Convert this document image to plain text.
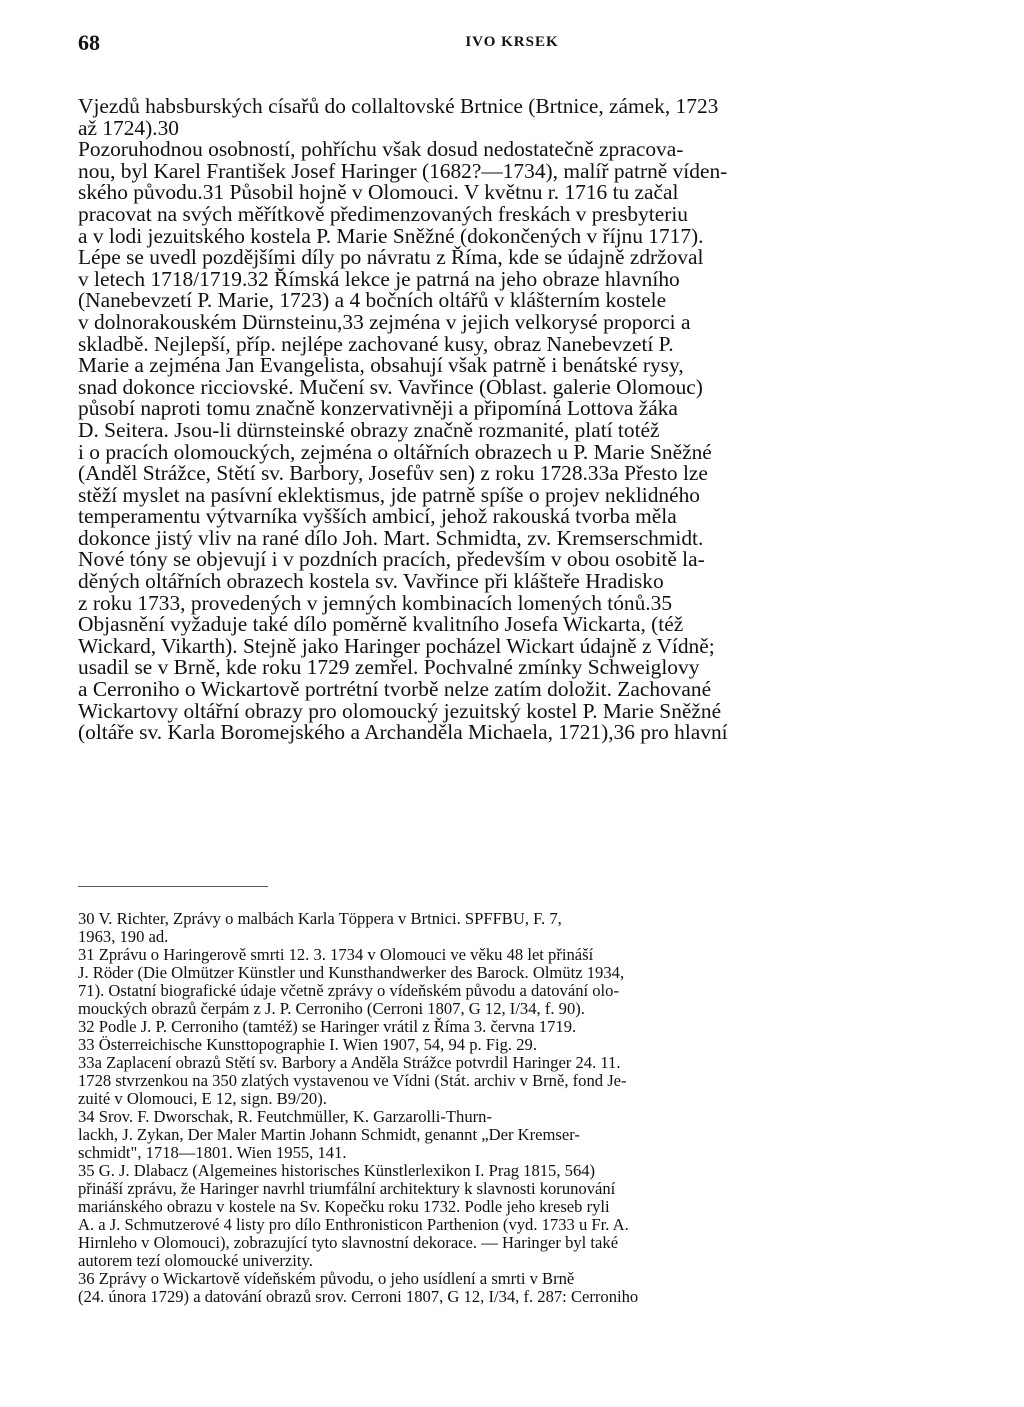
68	IVO KRSEK
Vjezdů habsburských císařů do collaltovské Brtnice (Brtnice, zámek, 1723
až 1724).30
Pozoruhodnou osobností, pohříchu však dosud nedostatečně zpracova-
nou, byl Karel František Josef Haringer (1682?—1734), malíř patrně víden-
ského původu.31 Působil hojně v Olomouci. V květnu r. 1716 tu začal
pracovat na svých měřítkově předimenzovaných freskách v presbyteriu
a v lodi jezuitského kostela P. Marie Sněžné (dokončených v říjnu 1717).
Lépe se uvedl pozdějšími díly po návratu z Říma, kde se údajně zdržoval
v letech 1718/1719.32 Římská lekce je patrná na jeho obraze hlavního
(Nanebevzetí P. Marie, 1723) a 4 bočních oltářů v klášterním kostele
v dolnorakouském Dürnsteinu,33 zejména v jejich velkorysé proporci a
skladbě. Nejlepší, příp. nejlépe zachované kusy, obraz Nanebevzetí P.
Marie a zejména Jan Evangelista, obsahují však patrně i benátské rysy,
snad dokonce ricciovské. Mučení sv. Vavřince (Oblast. galerie Olomouc)
působí naproti tomu značně konzervativněji a připomíná Lottova žáka
D. Seitera. Jsou-li dürnsteinské obrazy značně rozmanité, platí totéž
i o pracích olomouckých, zejména o oltářních obrazech u P. Marie Sněžné
(Anděl Strážce, Stětí sv. Barbory, Josefův sen) z roku 1728.33a Přesto lze
stěží myslet na pasívní eklektismus, jde patrně spíše o projev neklidného
temperamentu výtvarníka vyšších ambicí, jehož rakouská tvorba měla
dokonce jistý vliv na rané dílo Joh. Mart. Schmidta, zv. Kremserschmidt.
Nové tóny se objevují i v pozdních pracích, především v obou osobitě la-
děných oltářních obrazech kostela sv. Vavřince při klášteře Hradisko
z roku 1733, provedených v jemných kombinacích lomených tónů.35
Objasnění vyžaduje také dílo poměrně kvalitního Josefa Wickarta, (též
Wickard, Vikarth). Stejně jako Haringer pocházel Wickart údajně z Vídně;
usadil se v Brně, kde roku 1729 zemřel. Pochvalné zmínky Schweiglovy
a Cerroniho o Wickartově portrétní tvorbě nelze zatím doložit. Zachované
Wickartovy oltářní obrazy pro olomoucký jezuitský kostel P. Marie Sněžné
(oltáře sv. Karla Boromejského a Archanděla Michaela, 1721),36 pro hlavní
30 V. Richter, Zprávy o malbách Karla Töppera v Brtnici. SPFFBU, F. 7,
1963, 190 ad.
31 Zprávu o Haringerově smrti 12. 3. 1734 v Olomouci ve věku 48 let přináší
J. Röder (Die Olmützer Künstler und Kunsthandwerker des Barock. Olmütz 1934,
71). Ostatní biografické údaje včetně zprávy o vídeňském původu a datování olo-
mouckých obrazů čerpám z J. P. Cerroniho (Cerroni 1807, G 12, I/34, f. 90).
32 Podle J. P. Cerroniho (tamtéž) se Haringer vrátil z Říma 3. června 1719.
33 Österreichische Kunsttopographie I. Wien 1907, 54, 94 p. Fig. 29.
33a Zaplacení obrazů Stětí sv. Barbory a Anděla Strážce potvrdil Haringer 24. 11.
1728 stvrzenkou na 350 zlatých vystavenou ve Vídni (Stát. archiv v Brně, fond Je-
zuité v Olomouci, E 12, sign. B9/20).
34 Srov. F. Dworschak, R. Feutchmüller, K. Garzarolli-Thurn-
lackh, J. Zykan, Der Maler Martin Johann Schmidt, genannt „Der Kremser-
schmidt", 1718—1801. Wien 1955, 141.
35 G. J. Dlabacz (Algemeines historisches Künstlerlexikon I. Prag 1815, 564)
přináší zprávu, že Haringer navrhl triumfální architektury k slavnosti korunování
mariánského obrazu v kostele na Sv. Kopečku roku 1732. Podle jeho kreseb ryli
A. a J. Schmutzerové 4 listy pro dílo Enthronisticon Parthenion (vyd. 1733 u Fr. A.
Hirnleho v Olomouci), zobrazující tyto slavnostní dekorace. — Haringer byl také
autorem tezí olomoucké univerzity.
36 Zprávy o Wickartově vídeňském původu, o jeho usídlení a smrti v Brně
(24. února 1729) a datování obrazů srov. Cerroni 1807, G 12, I/34, f. 287: Cerroniho
